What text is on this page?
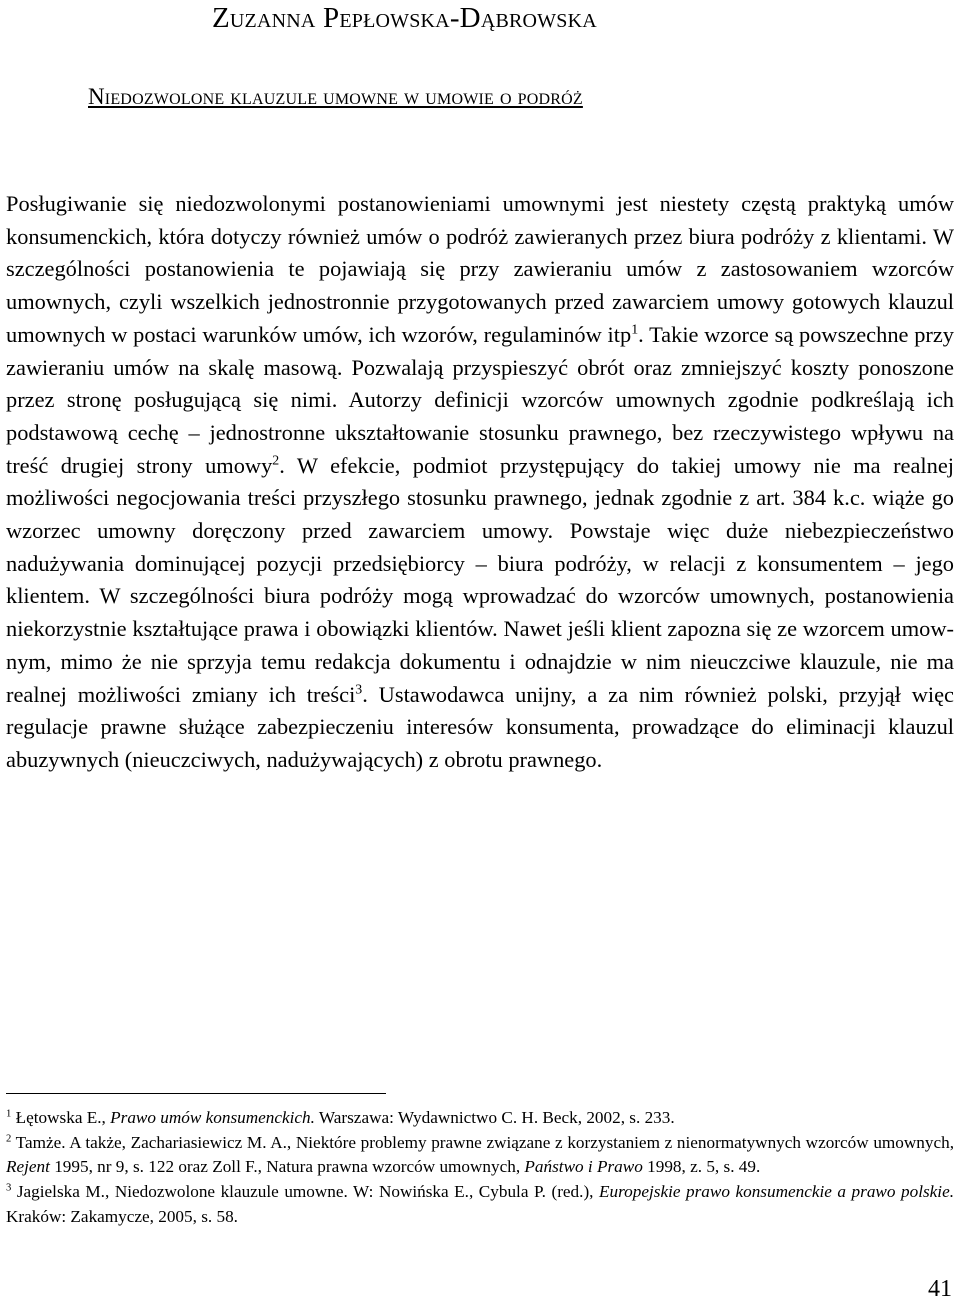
Zuzanna Pepłowska-Dąbrowska
Niedozwolone klauzule umowne w umowie o podróż
Posługiwanie się niedozwolonymi postanowieniami umownymi jest niestety częstą praktyką umów konsumenckich, która dotyczy również umów o podróż zawieranych przez biura podróży z klientami. W szczególności postanowienia te pojawiają się przy zawieraniu umów z zastosowaniem wzorców umownych, czyli wszelkich jednostronnie przygotowanych przed zawarciem umowy gotowych klauzul umownych w postaci warunków umów, ich wzorów, regulaminów itp$^1$. Takie wzorce są powszechne przy zawieraniu umów na skalę masową. Pozwalają przyspieszyć obrót oraz zmniejszyć koszty ponoszone przez stronę posługującą się nimi. Autorzy definicji wzorców umownych zgodnie podkreślają ich podstawową cechę – jednostronne ukształtowanie stosunku prawnego, bez rzeczywistego wpływu na treść drugiej strony umowy$^2$. W efekcie, podmiot przystępujący do takiej umowy nie ma realnej możliwości negocjowania treści przyszłego stosunku prawnego, jednak zgodnie z art. 384 k.c. wiąże go wzorzec umowny doręczony przed zawarciem umowy. Powstaje więc duże niebezpieczeństwo nadużywania dominującej pozycji przedsiębiorcy – biura podróży, w relacji z konsumentem – jego klientem. W szczególności biura podróży mogą wprowadzać do wzorców umownych, postanowienia niekorzystnie kształtujące prawa i obowiązki klientów. Nawet jeśli klient zapozna się ze wzorcem umownym, mimo że nie sprzyja temu redakcja dokumentu i odnajdzie w nim nieuczciwe klauzule, nie ma realnej możliwości zmiany ich treści$^3$. Ustawodawca unijny, a za nim również polski, przyjął więc regulacje prawne służące zabezpieczeniu interesów konsumenta, prowadzące do eliminacji klauzul abuzywnych (nieuczciwych, nadużywających) z obrotu prawnego.

$^1$ Łętowska E., Prawo umów konsumenckich. Warszawa: Wydawnictwo C. H. Beck, 2002, s. 233.

$^2$ Tamże. A także, Zachariasiewicz M. A., Niektóre problemy prawne związane z korzystaniem z nienormatywnych wzorców umownych, Rejent 1995, nr 9, s. 122 oraz Zoll F., Natura prawna wzorców umownych, Państwo i Prawo 1998, z. 5, s. 49.

$^3$ Jagielska M., Niedozwolone klauzule umowne. W: Nowińska E., Cybula P. (red.), Europejskie prawo konsumenckie a prawo polskie. Kraków: Zakamycze, 2005, s. 58.

41
